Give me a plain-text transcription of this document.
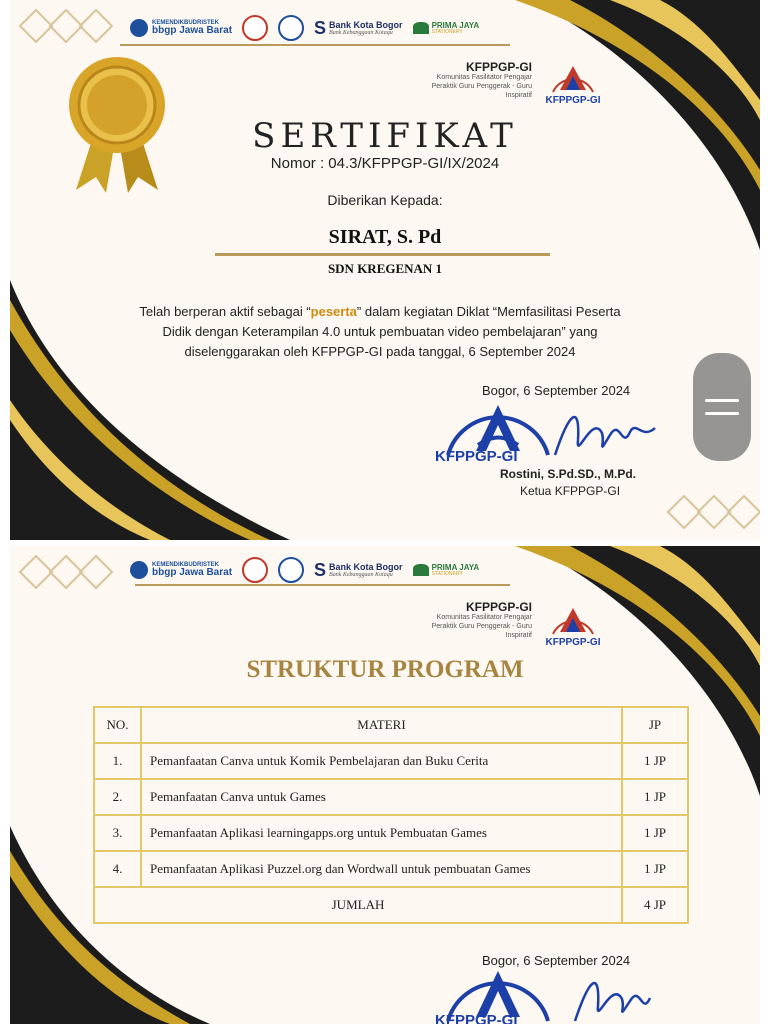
KEMENDIKBUDRISTEK
bbgp Jawa Barat	S Bank Kota Bogor
Bank Kebanggaan Kotaqu
PRIMA JAYA
STATIONERY
KFPPGP-GI
Komunitas Fasilitator Pengajar Peraktik Guru Penggerak - Guru Inspiratif	KFPPGP-GI
SERTIFIKAT
Nomor : 04.3/KFPPGP-GI/IX/2024
Diberikan Kepada:
SIRAT, S. Pd
SDN KREGENAN 1
Telah berperan aktif sebagai “peserta” dalam kegiatan Diklat “Memfasilitasi Peserta Didik dengan Keterampilan 4.0 untuk pembuatan video pembelajaran” yang diselenggarakan oleh KFPPGP-GI pada tanggal, 6 September 2024
Bogor, 6 September 2024
KFPPGP-GI
Rostini, S.Pd.SD., M.Pd.
Ketua KFPPGP-GI
KEMENDIKBUDRISTEK
bbgp Jawa Barat	S Bank Kota Bogor
Bank Kebanggaan Kotaqu
PRIMA JAYA
STATIONERY
KFPPGP-GI
Komunitas Fasilitator Pengajar Peraktik Guru Penggerak - Guru Inspiratif
KFPPGP-GI
STRUKTUR PROGRAM
NO.	MATERI	JP
1.	Pemanfaatan Canva untuk Komik Pembelajaran dan Buku Cerita	1 JP
2.	Pemanfaatan Canva untuk Games	1 JP
3.	Pemanfaatan Aplikasi learningapps.org untuk Pembuatan Games	1 JP
4.	Pemanfaatan Aplikasi Puzzel.org dan Wordwall untuk pembuatan Games	1 JP
JUMLAH		4 JP
Bogor, 6 September 2024
KFPPGP-GI
